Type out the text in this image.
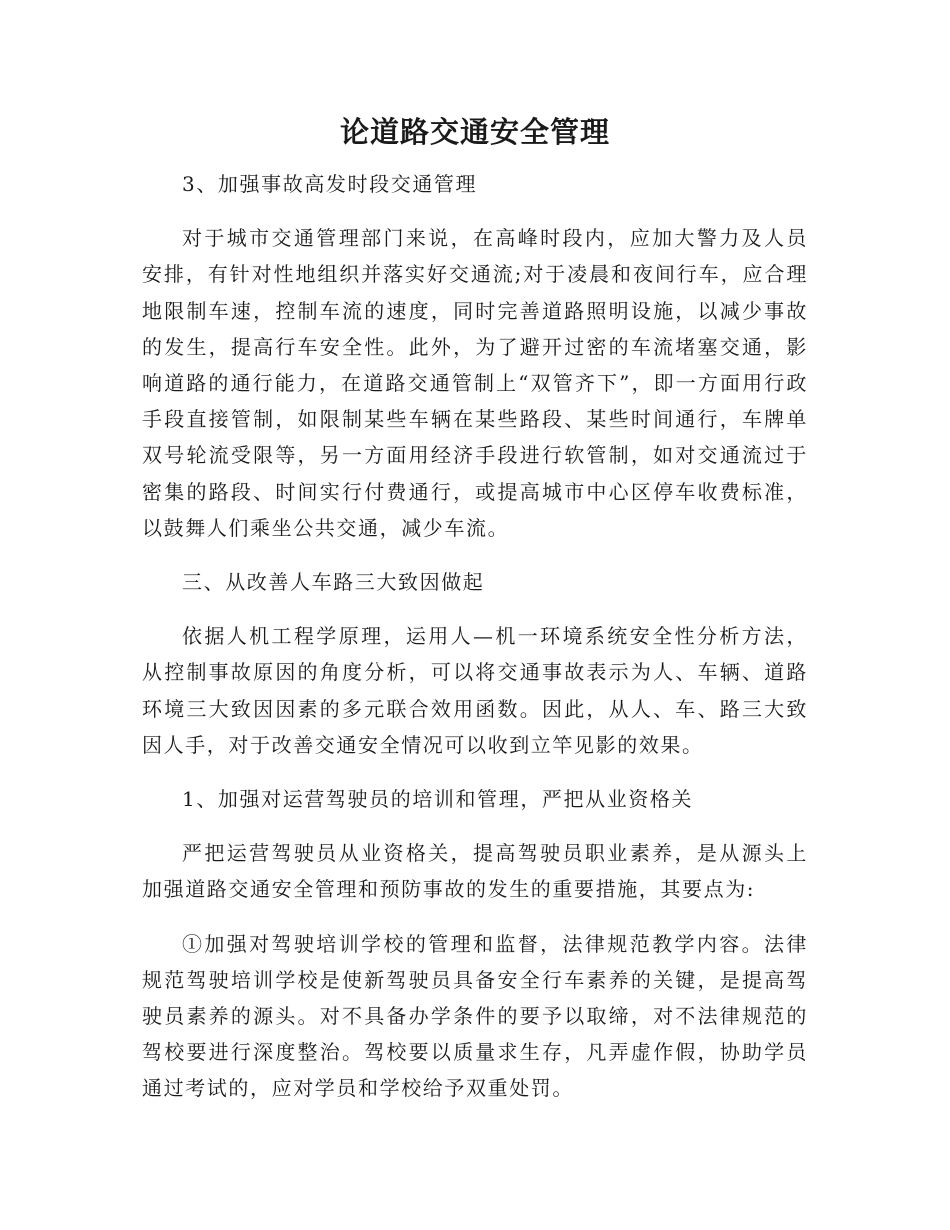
论道路交通安全管理

3、加强事故高发时段交通管理

对于城市交通管理部门来说，在高峰时段内，应加大警力及人员安排，有针对性地组织并落实好交通流;对于凌晨和夜间行车，应合理地限制车速，控制车流的速度，同时完善道路照明设施，以减少事故的发生，提高行车安全性。此外，为了避开过密的车流堵塞交通，影响道路的通行能力，在道路交通管制上“双管齐下”，即一方面用行政手段直接管制，如限制某些车辆在某些路段、某些时间通行，车牌单双号轮流受限等，另一方面用经济手段进行软管制，如对交通流过于密集的路段、时间实行付费通行，或提高城市中心区停车收费标准，以鼓舞人们乘坐公共交通，减少车流。

三、从改善人车路三大致因做起

依据人机工程学原理，运用人—机一环境系统安全性分析方法，从控制事故原因的角度分析，可以将交通事故表示为人、车辆、道路环境三大致因因素的多元联合效用函数。因此，从人、车、路三大致因人手，对于改善交通安全情况可以收到立竿见影的效果。

1、加强对运营驾驶员的培训和管理，严把从业资格关

严把运营驾驶员从业资格关，提高驾驶员职业素养，是从源头上加强道路交通安全管理和预防事故的发生的重要措施，其要点为:

①加强对驾驶培训学校的管理和监督，法律规范教学内容。法律规范驾驶培训学校是使新驾驶员具备安全行车素养的关键，是提高驾驶员素养的源头。对不具备办学条件的要予以取缔，对不法律规范的驾校要进行深度整治。驾校要以质量求生存，凡弄虚作假，协助学员通过考试的，应对学员和学校给予双重处罚。
